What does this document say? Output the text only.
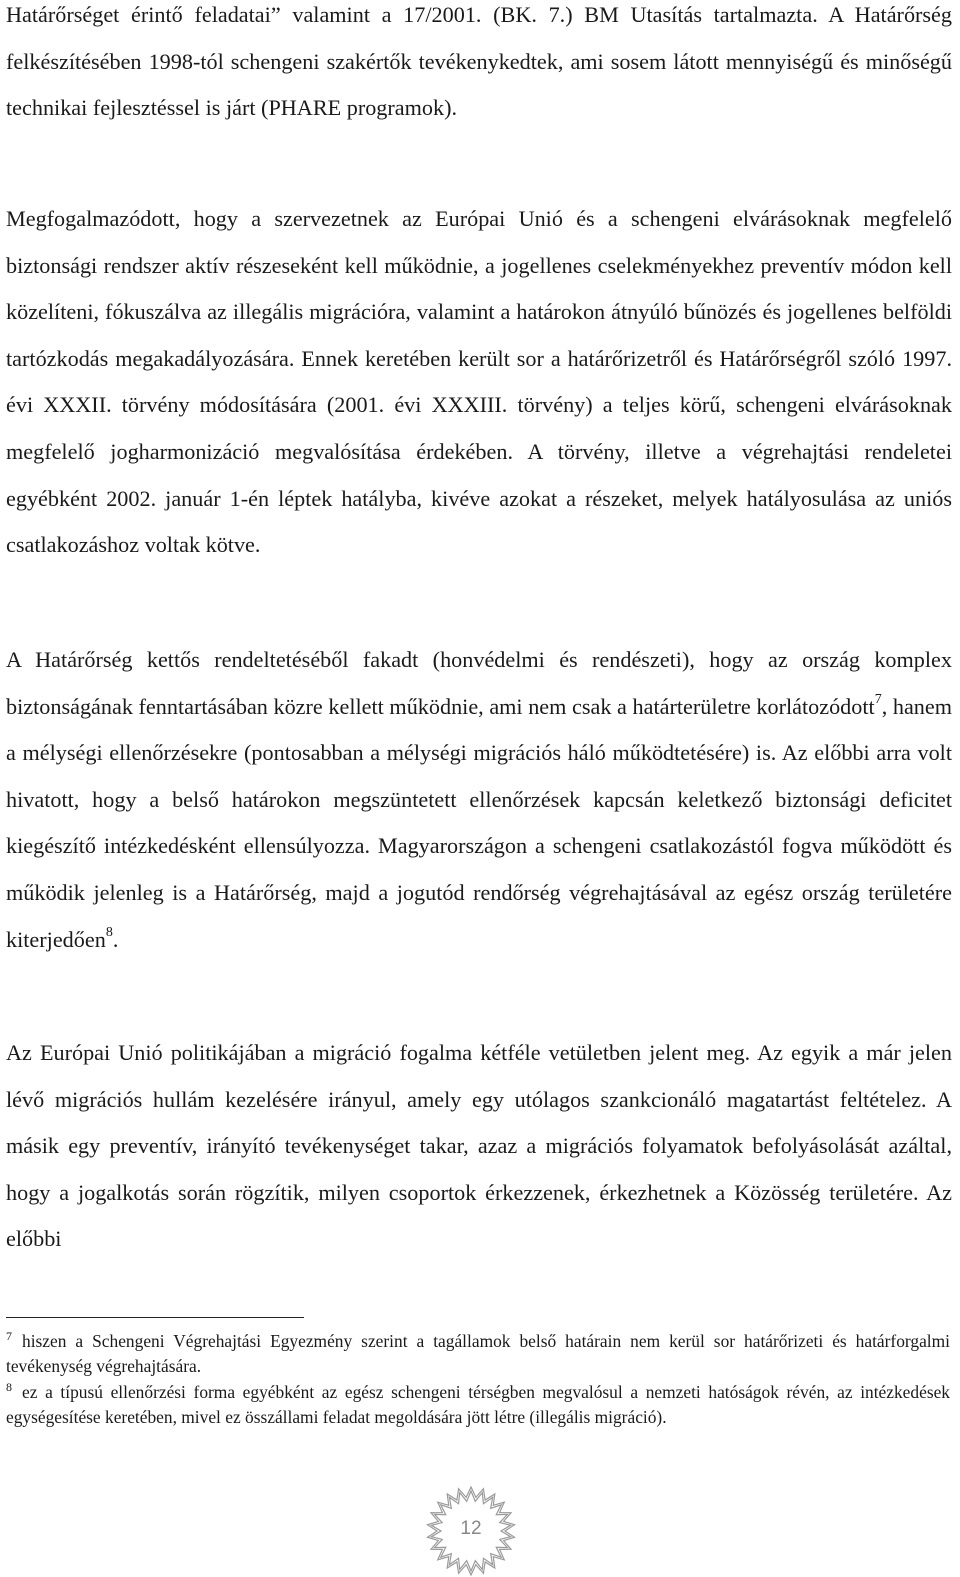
Határőrséget érintő feladatai” valamint a 17/2001. (BK. 7.) BM Utasítás tartalmazta. A Határőrség felkészítésében 1998-tól schengeni szakértők tevékenykedtek, ami sosem látott mennyiségű és minőségű technikai fejlesztéssel is járt (PHARE programok).

Megfogalmazódott, hogy a szervezetnek az Európai Unió és a schengeni elvárásoknak megfelelő biztonsági rendszer aktív részeseként kell működnie, a jogellenes cselekményekhez preventív módon kell közelíteni, fókuszálva az illegális migrációra, valamint a határokon átnyúló bűnözés és jogellenes belföldi tartózkodás megakadályozására. Ennek keretében került sor a határőrizetről és Határőrségről szóló 1997. évi XXXII. törvény módosítására (2001. évi XXXIII. törvény) a teljes körű, schengeni elvárásoknak megfelelő jogharmonizáció megvalósítása érdekében. A törvény, illetve a végrehajtási rendeletei egyébként 2002. január 1-én léptek hatályba, kivéve azokat a részeket, melyek hatályosulása az uniós csatlakozáshoz voltak kötve.

A Határőrség kettős rendeltetéséből fakadt (honvédelmi és rendészeti), hogy az ország komplex biztonságának fenntartásában közre kellett működnie, ami nem csak a határterületre korlátozódott$^7$, hanem a mélységi ellenőrzésekre (pontosabban a mélységi migrációs háló működtetésére) is. Az előbbi arra volt hivatott, hogy a belső határokon megszüntetett ellenőrzések kapcsán keletkező biztonsági deficitet kiegészítő intézkedésként ellensúlyozza. Magyarországon a schengeni csatlakozástól fogva működött és működik jelenleg is a Határőrség, majd a jogutód rendőrség végrehajtásával az egész ország területére kiterjedően$^8$.

Az Európai Unió politikájában a migráció fogalma kétféle vetületben jelent meg. Az egyik a már jelen lévő migrációs hullám kezelésére irányul, amely egy utólagos szankcionáló magatartást feltételez. A másik egy preventív, irányító tevékenységet takar, azaz a migrációs folyamatok befolyásolását azáltal, hogy a jogalkotás során rögzítik, milyen csoportok érkezzenek, érkezhetnek a Közösség területére. Az előbbi

$^7$ hiszen a Schengeni Végrehajtási Egyezmény szerint a tagállamok belső határain nem kerül sor határőrizeti és határforgalmi tevékenység végrehajtására.

$^8$ ez a típusú ellenőrzési forma egyébként az egész schengeni térségben megvalósul a nemzeti hatóságok révén, az intézkedések egységesítése keretében, mivel ez összállami feladat megoldására jött létre (illegális migráció).

12
